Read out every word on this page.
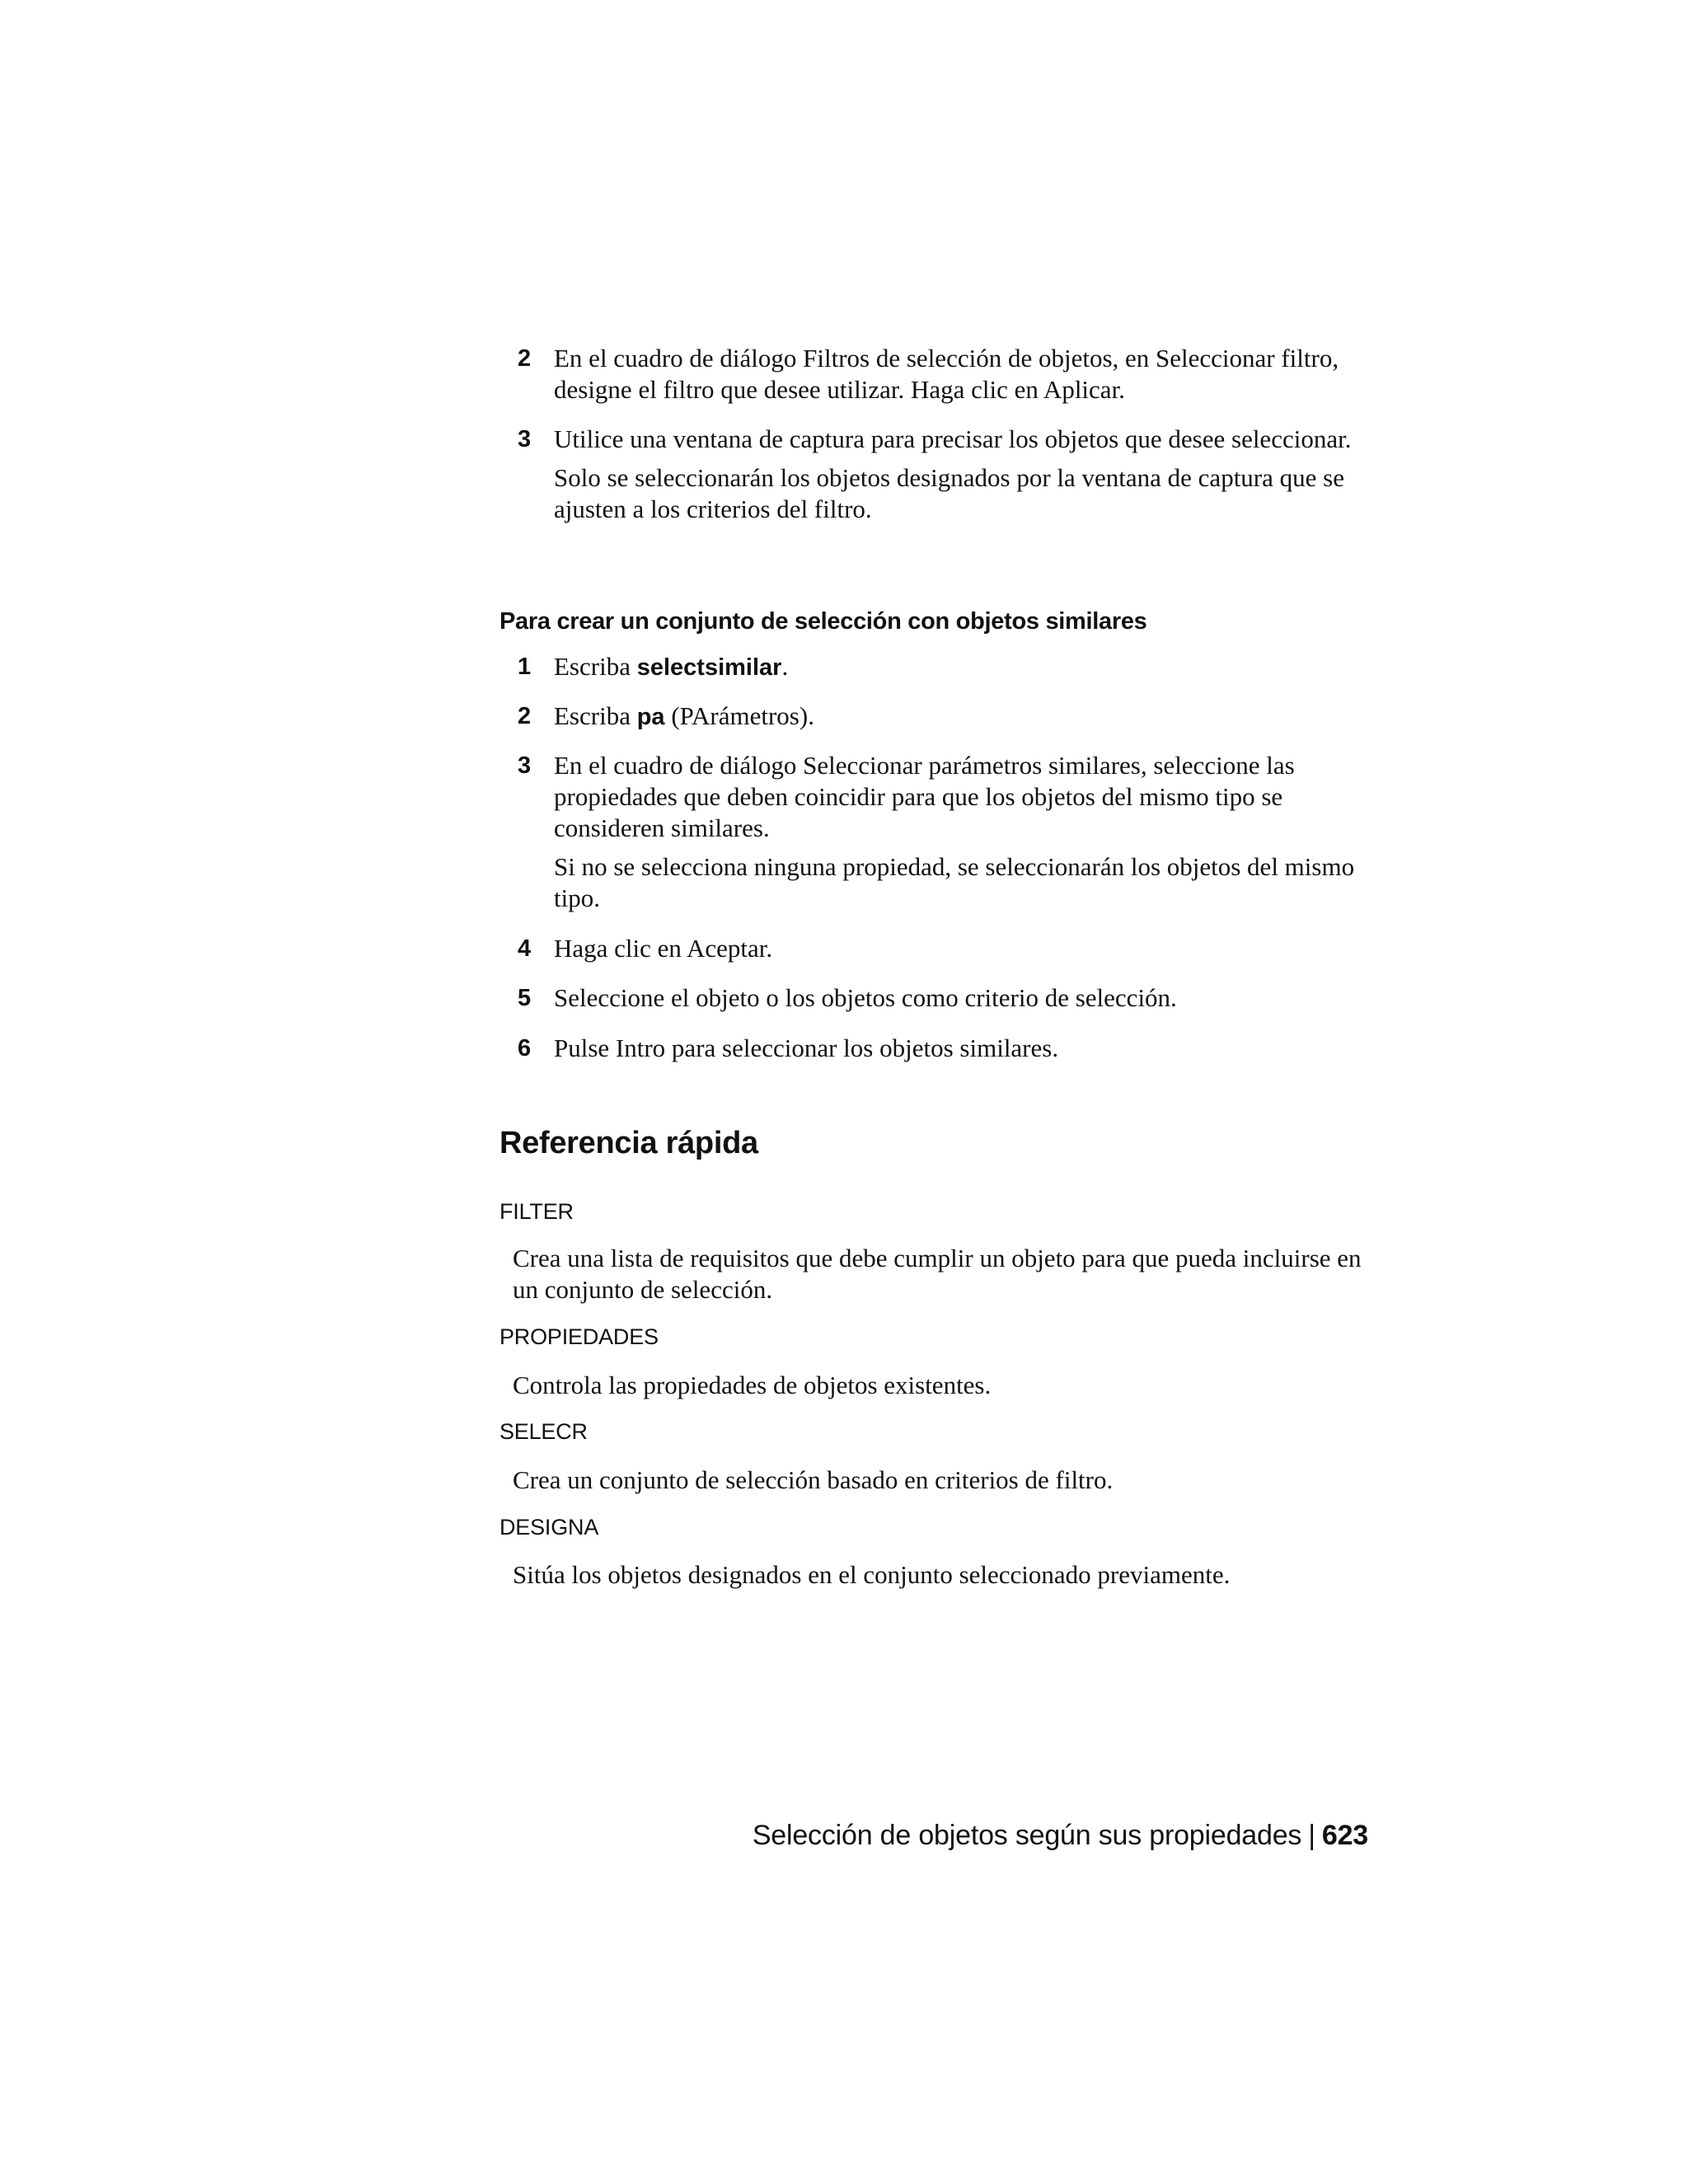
2 En el cuadro de diálogo Filtros de selección de objetos, en Seleccionar filtro, designe el filtro que desee utilizar. Haga clic en Aplicar.
3 Utilice una ventana de captura para precisar los objetos que desee seleccionar.
Solo se seleccionarán los objetos designados por la ventana de captura que se ajusten a los criterios del filtro.
Para crear un conjunto de selección con objetos similares
1 Escriba selectsimilar.
2 Escriba pa (PArámetros).
3 En el cuadro de diálogo Seleccionar parámetros similares, seleccione las propiedades que deben coincidir para que los objetos del mismo tipo se consideren similares.
Si no se selecciona ninguna propiedad, se seleccionarán los objetos del mismo tipo.
4 Haga clic en Aceptar.
5 Seleccione el objeto o los objetos como criterio de selección.
6 Pulse Intro para seleccionar los objetos similares.
Referencia rápida
FILTER
Crea una lista de requisitos que debe cumplir un objeto para que pueda incluirse en un conjunto de selección.
PROPIEDADES
Controla las propiedades de objetos existentes.
SELECR
Crea un conjunto de selección basado en criterios de filtro.
DESIGNA
Sitúa los objetos designados en el conjunto seleccionado previamente.
Selección de objetos según sus propiedades | 623
